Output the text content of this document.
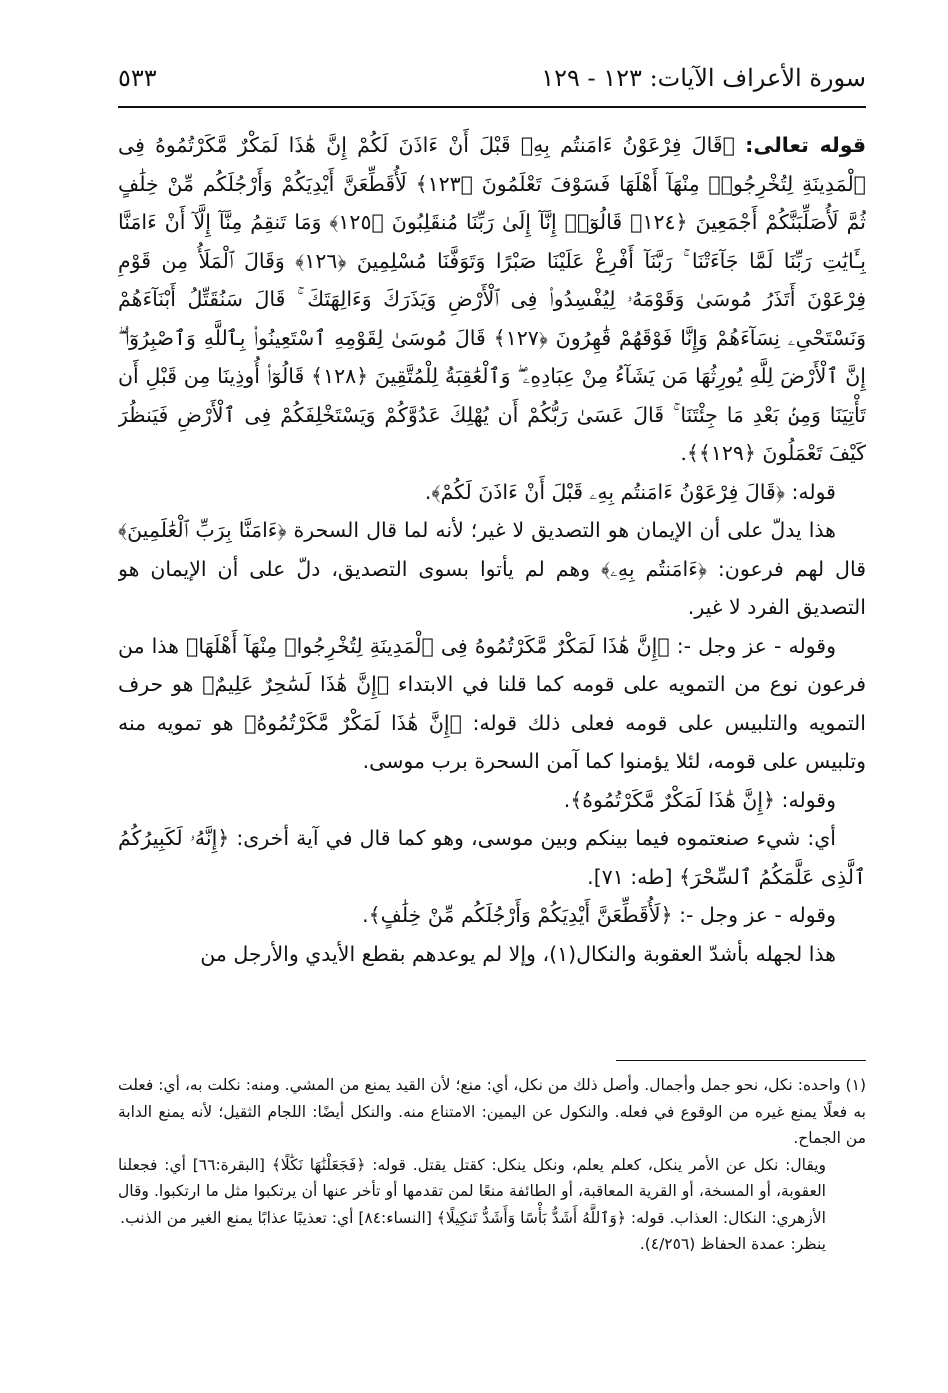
سورة الأعراف الآيات: ١٢٣ - ١٢٩
٥٣٣

قوله تعالى: ﴿قَالَ فِرْعَوْنُ ءَامَنتُم بِهِۦ قَبْلَ أَنْ ءَاذَنَ لَكُمْ إِنَّ هَٰذَا لَمَكْرٌ مَّكَرْتُمُوهُ فِى ٱلْمَدِينَةِ لِتُخْرِجُوا۟ مِنْهَآ أَهْلَهَا فَسَوْفَ تَعْلَمُونَ ﴿١٢٣﴾ لَأُقَطِّعَنَّ أَيْدِيَكُمْ وَأَرْجُلَكُم مِّنْ خِلَٰفٍ ثُمَّ لَأُصَلِّبَنَّكُمْ أَجْمَعِينَ ﴿١٢٤﴾ قَالُوٓا۟ إِنَّآ إِلَىٰ رَبِّنَا مُنقَلِبُونَ ﴿١٢٥﴾ وَمَا تَنقِمُ مِنَّآ إِلَّآ أَنْ ءَامَنَّا بِـَٔايَٰتِ رَبِّنَا لَمَّا جَآءَتْنَا ۚ رَبَّنَآ أَفْرِغْ عَلَيْنَا صَبْرًا وَتَوَفَّنَا مُسْلِمِينَ ﴿١٢٦﴾ وَقَالَ ٱلْمَلَأُ مِن قَوْمِ فِرْعَوْنَ أَتَذَرُ مُوسَىٰ وَقَوْمَهُۥ لِيُفْسِدُوا۟ فِى ٱلْأَرْضِ وَيَذَرَكَ وَءَالِهَتَكَ ۚ قَالَ سَنُقَتِّلُ أَبْنَآءَهُمْ وَنَسْتَحْىِۦ نِسَآءَهُمْ وَإِنَّا فَوْقَهُمْ قَٰهِرُونَ ﴿١٢٧﴾ قَالَ مُوسَىٰ لِقَوْمِهِ ٱسْتَعِينُوا۟ بِٱللَّهِ وَٱصْبِرُوٓا۟ ۖ إِنَّ ٱلْأَرْضَ لِلَّهِ يُورِثُهَا مَن يَشَآءُ مِنْ عِبَادِهِۦ ۖ وَٱلْعَٰقِبَةُ لِلْمُتَّقِينَ ﴿١٢٨﴾ قَالُوٓا۟ أُوذِينَا مِن قَبْلِ أَن تَأْتِيَنَا وَمِنۢ بَعْدِ مَا جِئْتَنَا ۚ قَالَ عَسَىٰ رَبُّكُمْ أَن يُهْلِكَ عَدُوَّكُمْ وَيَسْتَخْلِفَكُمْ فِى ٱلْأَرْضِ فَيَنظُرَ كَيْفَ تَعْمَلُونَ ﴿١٢٩﴾﴾.

قوله: ﴿قَالَ فِرْعَوْنُ ءَامَنتُم بِهِۦ قَبْلَ أَنْ ءَاذَنَ لَكُمْ﴾.

هذا يدلّ على أن الإيمان هو التصديق لا غير؛ لأنه لما قال السحرة ﴿ءَامَنَّا بِرَبِّ ٱلْعَٰلَمِينَ﴾ قال لهم فرعون: ﴿ءَامَنتُم بِهِۦ﴾ وهم لم يأتوا بسوى التصديق، دلّ على أن الإيمان هو التصديق الفرد لا غير.

وقوله - عز وجل -: ﴿إِنَّ هَٰذَا لَمَكْرٌ مَّكَرْتُمُوهُ فِى ٱلْمَدِينَةِ لِتُخْرِجُوا۟ مِنْهَآ أَهْلَهَا﴾ هذا من فرعون نوع من التمويه على قومه كما قلنا في الابتداء ﴿إِنَّ هَٰذَا لَسَٰحِرٌ عَلِيمٌ﴾ هو حرف التمويه والتلبيس على قومه فعلى ذلك قوله: ﴿إِنَّ هَٰذَا لَمَكْرٌ مَّكَرْتُمُوهُ﴾ هو تمويه منه وتلبيس على قومه، لئلا يؤمنوا كما آمن السحرة برب موسى.

وقوله: ﴿إِنَّ هَٰذَا لَمَكْرٌ مَّكَرْتُمُوهُ﴾.

أي: شيء صنعتموه فيما بينكم وبين موسى، وهو كما قال في آية أخرى: ﴿إِنَّهُۥ لَكَبِيرُكُمُ ٱلَّذِى عَلَّمَكُمُ ٱلسِّحْرَ﴾ [طه: ٧١].

وقوله - عز وجل -: ﴿لَأُقَطِّعَنَّ أَيْدِيَكُمْ وَأَرْجُلَكُم مِّنْ خِلَٰفٍ﴾.

هذا لجهله بأشدّ العقوبة والنكال(١)، وإلا لم يوعدهم بقطع الأيدي والأرجل من

(١) واحده: نكل، نحو جمل وأجمال. وأصل ذلك من نكل، أي: منع؛ لأن القيد يمنع من المشي. ومنه: نكلت به، أي: فعلت به فعلًا يمنع غيره من الوقوع في فعله. والنكول عن اليمين: الامتناع منه. والنكل أيضًا: اللجام الثقيل؛ لأنه يمنع الدابة من الجماح.

ويقال: نكل عن الأمر ينكل، كعلم يعلم، ونكل ينكل: كقتل يقتل. قوله: ﴿فَجَعَلْنَٰهَا نَكَٰلًا﴾ [البقرة:٦٦] أي: فجعلنا العقوبة، أو المسخة، أو القرية المعاقبة، أو الطائفة منعًا لمن تقدمها أو تأخر عنها أن يرتكبوا مثل ما ارتكبوا. وقال الأزهري: النكال: العذاب. قوله: ﴿وَٱللَّهُ أَشَدُّ بَأْسًا وَأَشَدُّ تَنكِيلًا﴾ [النساء:٨٤] أي: تعذيبًا عذابًا يمنع الغير من الذنب.

ينظر: عمدة الحفاظ (٤/٢٥٦).
